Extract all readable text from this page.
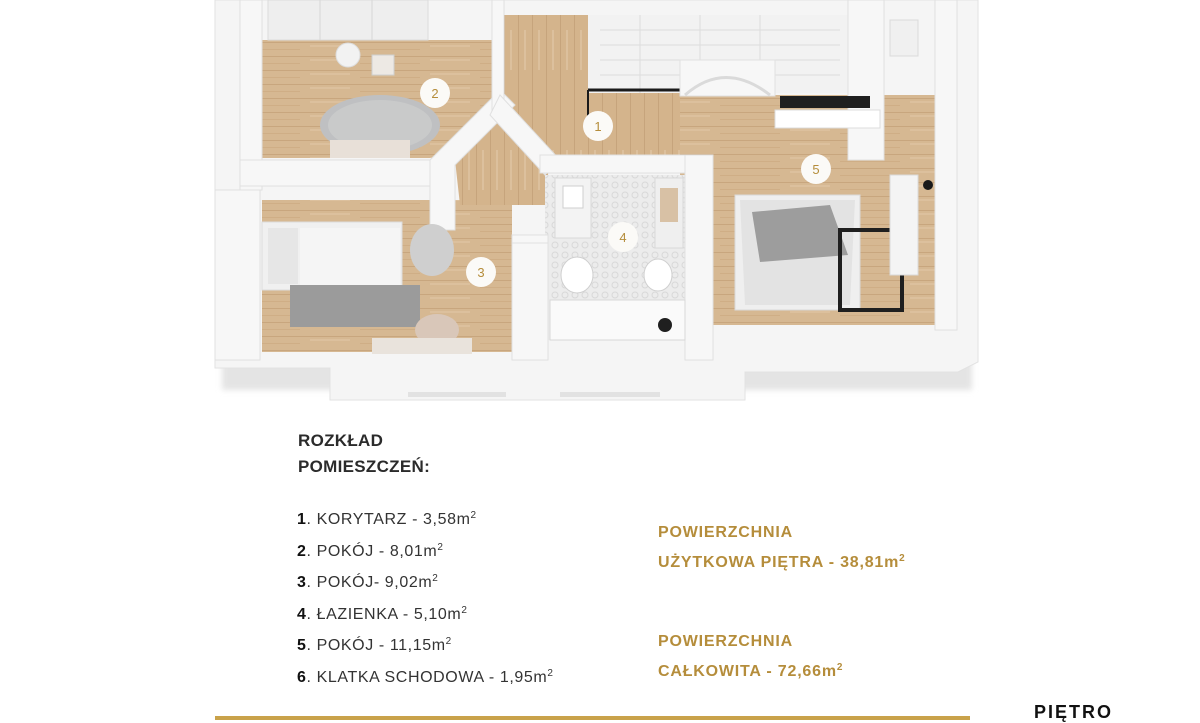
1
2
3
4
5
ROZKŁAD
POMIESZCZEŃ:
1. KORYTARZ - $3,58m^2$
2. POKÓJ - $8,01m^2$
3. POKÓJ- $9,02m^2$
4. ŁAZIENKA - $5,10m^2$
5. POKÓJ - $11,15m^2$
6. KLATKA SCHODOWA - $1,95m^2$
POWIERZCHNIA
UŻYTKOWA PIĘTRA - $38,81m^2$
POWIERZCHNIA
CAŁKOWITA - $72,66m^2$
PIĘTRO
